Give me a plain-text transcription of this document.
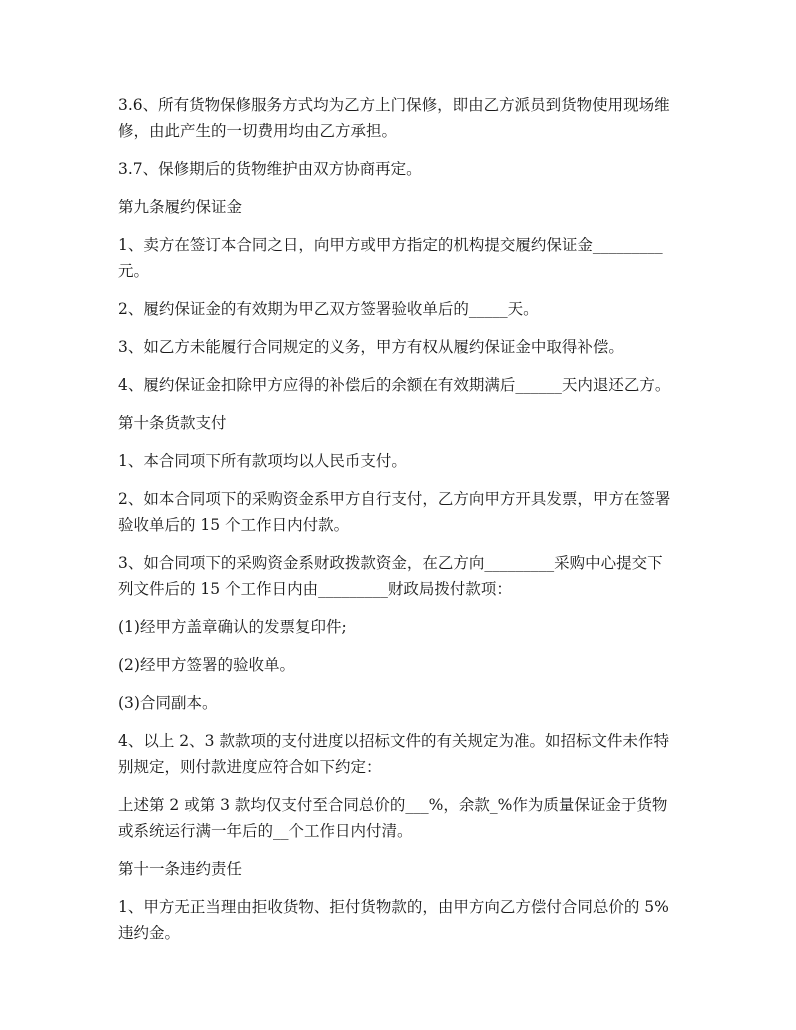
3.6、所有货物保修服务方式均为乙方上门保修，即由乙方派员到货物使用现场维修，由此产生的一切费用均由乙方承担。

3.7、保修期后的货物维护由双方协商再定。

第九条履约保证金

1、卖方在签订本合同之日，向甲方或甲方指定的机构提交履约保证金_________元。

2、履约保证金的有效期为甲乙双方签署验收单后的_____天。

3、如乙方未能履行合同规定的义务，甲方有权从履约保证金中取得补偿。

4、履约保证金扣除甲方应得的补偿后的余额在有效期满后______天内退还乙方。

第十条货款支付

1、本合同项下所有款项均以人民币支付。

2、如本合同项下的采购资金系甲方自行支付，乙方向甲方开具发票，甲方在签署验收单后的 15 个工作日内付款。

3、如合同项下的采购资金系财政拨款资金，在乙方向_________采购中心提交下列文件后的 15 个工作日内由_________财政局拨付款项：

(1)经甲方盖章确认的发票复印件;

(2)经甲方签署的验收单。

(3)合同副本。

4、以上 2、3 款款项的支付进度以招标文件的有关规定为准。如招标文件未作特别规定，则付款进度应符合如下约定：

上述第 2 或第 3 款均仅支付至合同总价的___%，余款_%作为质量保证金于货物或系统运行满一年后的__个工作日内付清。

第十一条违约责任

1、甲方无正当理由拒收货物、拒付货物款的，由甲方向乙方偿付合同总价的 5%违约金。
